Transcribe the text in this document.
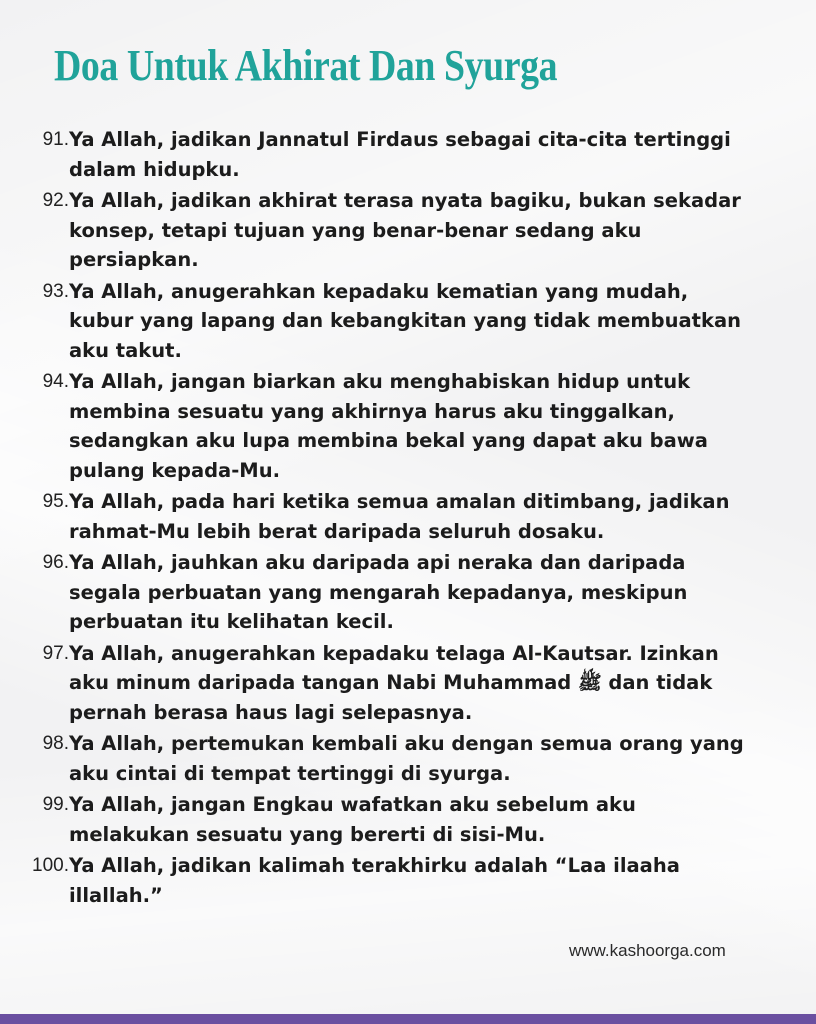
Doa Untuk Akhirat Dan Syurga
91. Ya Allah, jadikan Jannatul Firdaus sebagai cita-cita tertinggi
dalam hidupku.
92. Ya Allah, jadikan akhirat terasa nyata bagiku, bukan sekadar
konsep, tetapi tujuan yang benar-benar sedang aku
persiapkan.
93. Ya Allah, anugerahkan kepadaku kematian yang mudah,
kubur yang lapang dan kebangkitan yang tidak membuatkan
aku takut.
94. Ya Allah, jangan biarkan aku menghabiskan hidup untuk
membina sesuatu yang akhirnya harus aku tinggalkan,
sedangkan aku lupa membina bekal yang dapat aku bawa
pulang kepada-Mu.
95. Ya Allah, pada hari ketika semua amalan ditimbang, jadikan
rahmat-Mu lebih berat daripada seluruh dosaku.
96. Ya Allah, jauhkan aku daripada api neraka dan daripada
segala perbuatan yang mengarah kepadanya, meskipun
perbuatan itu kelihatan kecil.
97. Ya Allah, anugerahkan kepadaku telaga Al-Kautsar. Izinkan
aku minum daripada tangan Nabi Muhammad ﷺ dan tidak
pernah berasa haus lagi selepasnya.
98. Ya Allah, pertemukan kembali aku dengan semua orang yang
aku cintai di tempat tertinggi di syurga.
99. Ya Allah, jangan Engkau wafatkan aku sebelum aku
melakukan sesuatu yang bererti di sisi-Mu.
100. Ya Allah, jadikan kalimah terakhirku adalah “Laa ilaaha
illallah.”
www.kashoorga.com
